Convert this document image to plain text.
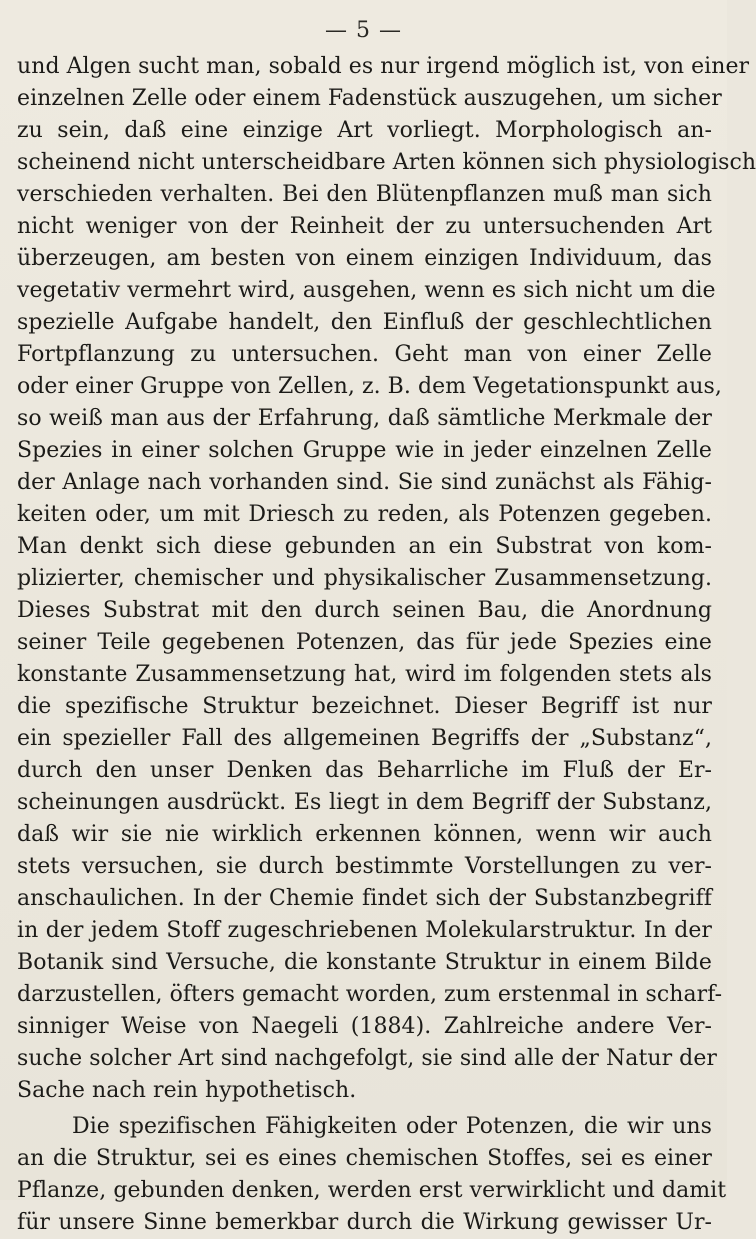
— 5 —
und Algen sucht man, sobald es nur irgend möglich ist, von einer
einzelnen Zelle oder einem Fadenstück auszugehen, um sicher
zu sein, daß eine einzige Art vorliegt. Morphologisch an-
scheinend nicht unterscheidbare Arten können sich physiologisch
verschieden verhalten. Bei den Blütenpflanzen muß man sich
nicht weniger von der Reinheit der zu untersuchenden Art
überzeugen, am besten von einem einzigen Individuum, das
vegetativ vermehrt wird, ausgehen, wenn es sich nicht um die
spezielle Aufgabe handelt, den Einfluß der geschlechtlichen
Fortpflanzung zu untersuchen. Geht man von einer Zelle
oder einer Gruppe von Zellen, z. B. dem Vegetationspunkt aus,
so weiß man aus der Erfahrung, daß sämtliche Merkmale der
Spezies in einer solchen Gruppe wie in jeder einzelnen Zelle
der Anlage nach vorhanden sind. Sie sind zunächst als Fähig-
keiten oder, um mit Driesch zu reden, als Potenzen gegeben.
Man denkt sich diese gebunden an ein Substrat von kom-
plizierter, chemischer und physikalischer Zusammensetzung.
Dieses Substrat mit den durch seinen Bau, die Anordnung
seiner Teile gegebenen Potenzen, das für jede Spezies eine
konstante Zusammensetzung hat, wird im folgenden stets als
die spezifische Struktur bezeichnet. Dieser Begriff ist nur
ein spezieller Fall des allgemeinen Begriffs der „Substanz“,
durch den unser Denken das Beharrliche im Fluß der Er-
scheinungen ausdrückt. Es liegt in dem Begriff der Substanz,
daß wir sie nie wirklich erkennen können, wenn wir auch
stets versuchen, sie durch bestimmte Vorstellungen zu ver-
anschaulichen. In der Chemie findet sich der Substanzbegriff
in der jedem Stoff zugeschriebenen Molekularstruktur. In der
Botanik sind Versuche, die konstante Struktur in einem Bilde
darzustellen, öfters gemacht worden, zum erstenmal in scharf-
sinniger Weise von Naegeli (1884). Zahlreiche andere Ver-
suche solcher Art sind nachgefolgt, sie sind alle der Natur der
Sache nach rein hypothetisch.
Die spezifischen Fähigkeiten oder Potenzen, die wir uns
an die Struktur, sei es eines chemischen Stoffes, sei es einer
Pflanze, gebunden denken, werden erst verwirklicht und damit
für unsere Sinne bemerkbar durch die Wirkung gewisser Ur-
